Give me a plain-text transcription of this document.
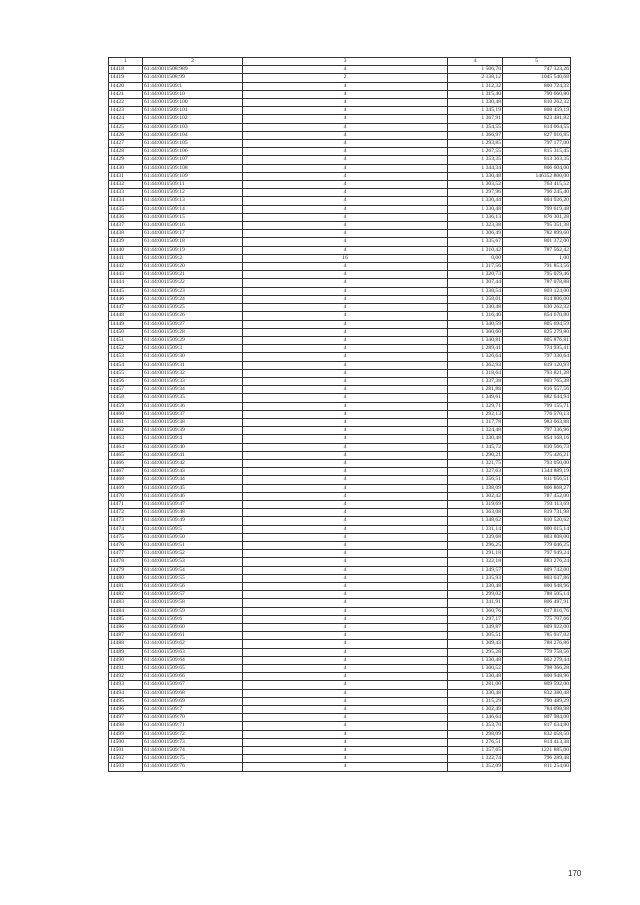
1	2	3	4	5
14418	61:44:0011508:989	4	1 506,70	747 323,26
14419	61:44:0011508:99	2	2 138,12	1045 540,68
14420	61:44:0011509:1	4	1 312,32	800 724,32
14421	61:44:0011509:10	4	1 315,40	790 660,80
14422	61:44:0011509:100	4	1 330,48	810 262,32
14423	61:44:0011509:101	4	1 345,19	808 459,19
14424	61:44:0011509:102	4	1 367,91	823 481,82
14425	61:44:0011509:103	4	1 354,55	814 064,55
14426	61:44:0011509:104	4	1 366,97	827 016,85
14427	61:44:0011509:105	4	1 293,85	797 177,00
14428	61:44:0011509:106	4	1 267,55	815 315,45
14429	61:44:0011509:107	4	1 353,35	813 363,35
14430	61:44:0011509:108	4	1 344,34	806 604,00
14431	61:44:0011509:109	4	1 330,48	146352 800,00
14432	61:44:0011509:11	4	1 303,52	763 415,52
14433	61:44:0011509:12	4	1 297,96	796 245,40
14434	61:44:0011509:13	4	1 330,44	804 926,20
14435	61:44:0011509:14	4	1 330,48	799 619,48
14436	61:44:0011509:15	4	1 336,13	876 301,28
14437	61:44:0011509:16	4	1 323,38	795 351,38
14438	61:44:0011509:17	4	1 306,49	782 899,60
14439	61:44:0011509:18	4	1 335,67	801 372,00
14440	61:44:0011509:19	4	1 310,42	787 562,42
14441	61:44:0011509:2	16	0,00	1,00
14442	61:44:0011509:20	4	1 317,56	791 853,56
14443	61:44:0011509:21	4	1 320,73	795 079,46
14444	61:44:0011509:22	4	1 307,44	787 078,88
14445	61:44:0011509:23	4	1 338,54	803 124,00
14446	61:44:0011509:24	4	1 358,01	814 806,00
14447	61:44:0011509:25	4	1 330,48	830 262,32
14448	61:44:0011509:26	4	1 316,40	854 670,80
14449	61:44:0011509:27	4	1 340,59	805 694,59
14450	61:44:0011509:28	4	1 300,60	825 279,80
14451	61:44:0011509:29	4	1 340,81	805 876,81
14452	61:44:0011509:3	4	1 289,41	774 935,41
14453	61:44:0011509:30	4	1 326,64	797 330,64
14454	61:44:0011509:31	4	1 362,93	819 120,93
14455	61:44:0011509:32	4	1 318,64	793 821,28
14456	61:44:0011509:33	4	1 337,38	803 765,38
14457	61:44:0011509:34	4	1 281,88	816 557,56
14458	61:44:0011509:35	4	1 349,61	882 644,94
14459	61:44:0011509:36	4	1 329,71	799 155,71
14460	61:44:0011509:37	4	1 292,13	776 570,13
14461	61:44:0011509:38	4	1 317,78	983 063,88
14462	61:44:0011509:39	4	1 324,48	797 336,96
14463	61:44:0011509:4	4	1 330,48	854 168,16
14464	61:44:0011509:40	4	1 345,72	810 566,73
14465	61:44:0011509:41	4	1 290,21	775 426,21
14466	61:44:0011509:42	4	1 321,75	793 050,00
14467	61:44:0011509:43	4	1 327,63	1344 889,19
14468	61:44:0011509:44	4	1 356,51	811 656,51
14469	61:44:0011509:45	4	1 338,09	806 868,27
14470	61:44:0011509:46	4	1 302,42	787 452,00
14471	61:44:0011509:47	4	1 319,69	793 113,69
14472	61:44:0011509:48	4	1 363,08	819 731,98
14473	61:44:0011509:49	4	1 348,62	810 520,62
14474	61:44:0011509:5	4	1 331,14	800 015,14
14475	61:44:0011509:50	4	1 339,68	803 808,00
14476	61:44:0011509:51	4	1 296,25	779 046,25
14477	61:44:0011509:52	4	1 291,18	797 949,24
14478	61:44:0011509:53	4	1 322,18	883 276,24
14479	61:44:0011509:54	4	1 349,57	809 742,00
14480	61:44:0011509:55	4	1 335,93	803 637,86
14481	61:44:0011509:56	4	1 330,48	800 948,96
14482	61:44:0011509:57	4	1 299,02	788 505,14
14483	61:44:0011509:58	4	1 341,91	806 487,91
14484	61:44:0011509:59	4	1 360,76	817 816,76
14485	61:44:0011509:6	4	1 297,17	775 707,66
14486	61:44:0011509:60	4	1 349,87	809 922,00
14487	61:44:0011509:61	4	1 305,51	785 937,02
14488	61:44:0011509:62	4	1 309,43	788 276,86
14489	61:44:0011509:63	4	1 295,28	779 758,56
14490	61:44:0011509:64	4	1 330,48	802 279,44
14491	61:44:0011509:65	4	1 300,52	798 366,28
14492	61:44:0011509:66	4	1 330,48	800 948,96
14493	61:44:0011509:67	4	1 281,00	809 592,00
14494	61:44:0011509:68	4	1 330,48	832 380,48
14495	61:44:0011509:69	4	1 315,29	790 489,29
14496	61:44:0011509:7	4	1 302,49	784 098,98
14497	61:44:0011509:70	4	1 346,64	807 984,00
14498	61:44:0011509:71	4	1 353,70	817 634,80
14499	61:44:0011509:72	4	1 298,09	832 058,50
14500	61:44:0011509:73	4	1 276,51	814 413,38
14501	61:44:0011509:74	4	1 357,65	1221 885,00
14502	61:44:0011509:75	4	1 322,74	796 289,48
14503	61:44:0011509:76	4	1 352,09	811 254,00
170
